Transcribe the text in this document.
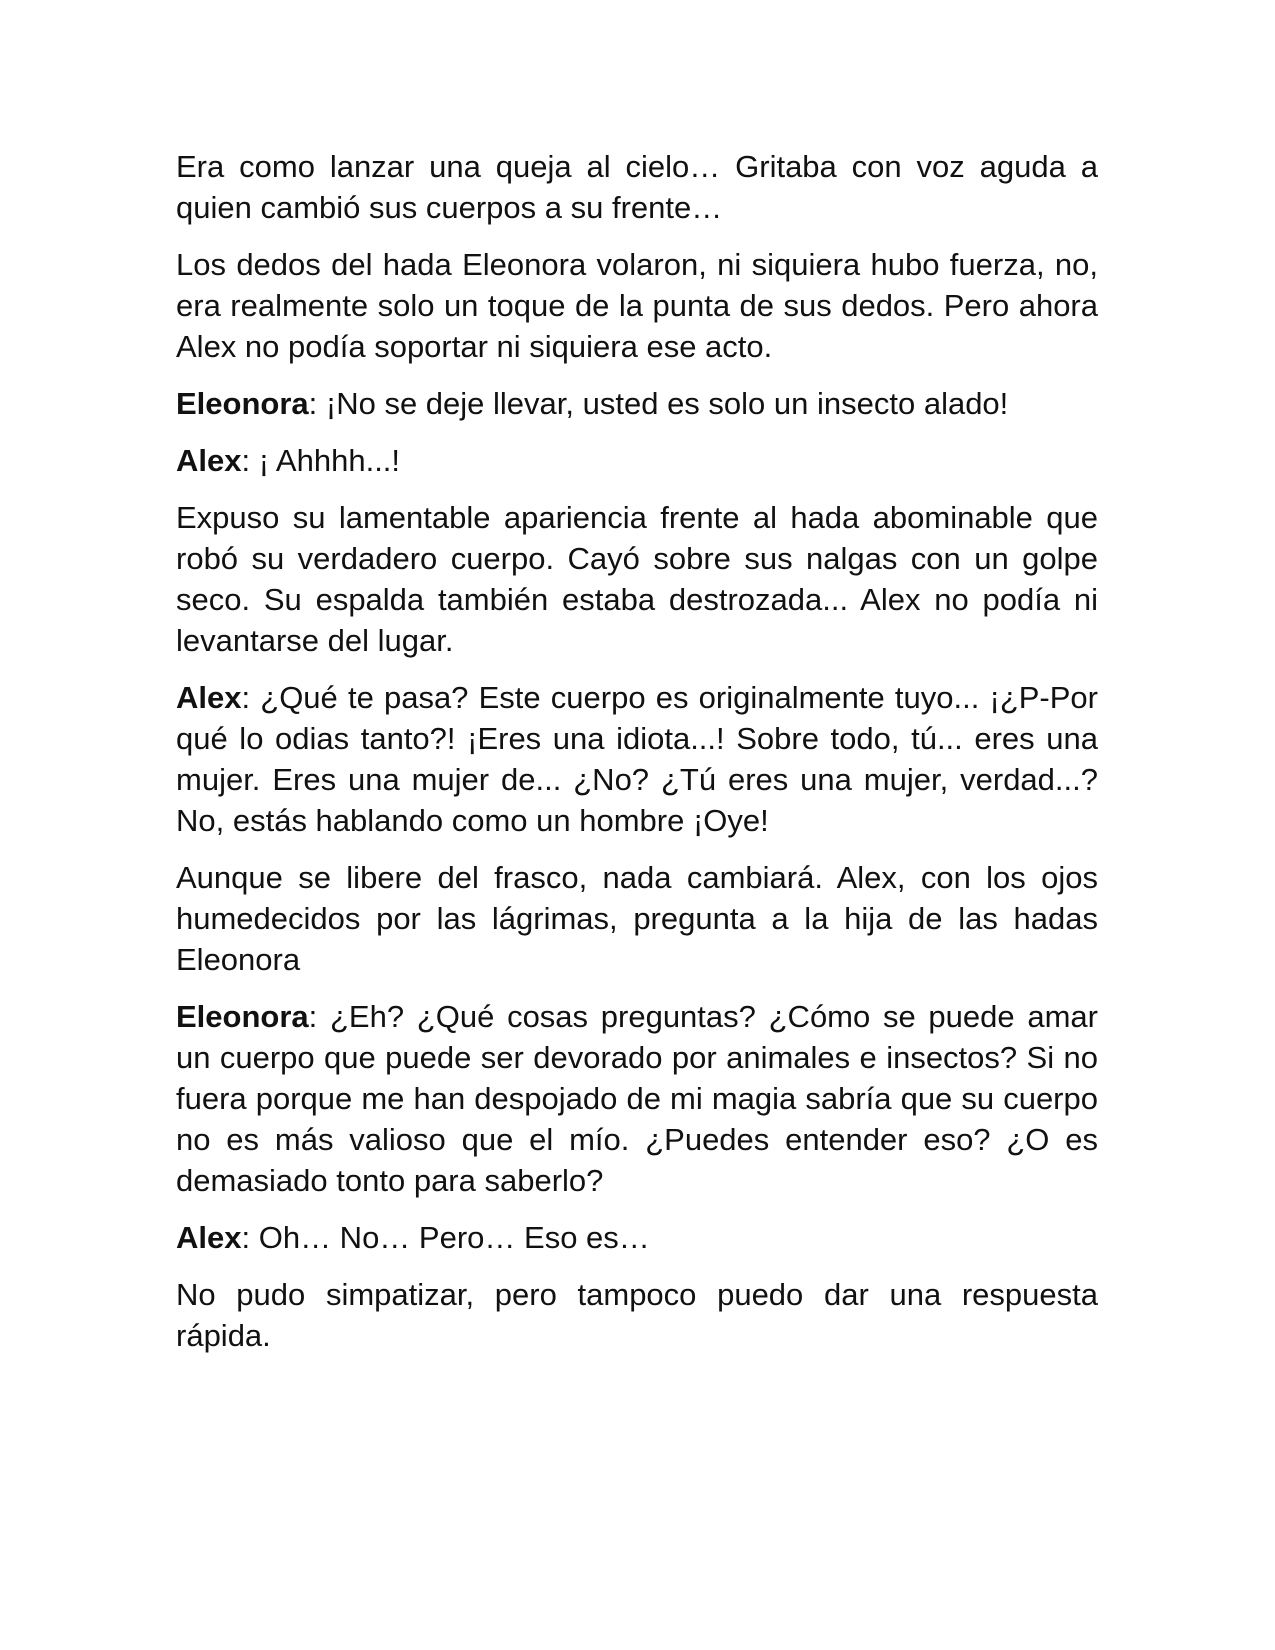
Era como lanzar una queja al cielo… Gritaba con voz aguda a quien cambió sus cuerpos a su frente…

Los dedos del hada Eleonora volaron, ni siquiera hubo fuerza, no, era realmente solo un toque de la punta de sus dedos. Pero ahora Alex no podía soportar ni siquiera ese acto.

Eleonora: ¡No se deje llevar, usted es solo un insecto alado!

Alex: ¡ Ahhhh...!

Expuso su lamentable apariencia frente al hada abominable que robó su verdadero cuerpo. Cayó sobre sus nalgas con un golpe seco. Su espalda también estaba destrozada... Alex no podía ni levantarse del lugar.

Alex: ¿Qué te pasa? Este cuerpo es originalmente tuyo... ¡¿P-Por qué lo odias tanto?! ¡Eres una idiota...! Sobre todo, tú... eres una mujer. Eres una mujer de... ¿No? ¿Tú eres una mujer, verdad...? No, estás hablando como un hombre ¡Oye!

Aunque se libere del frasco, nada cambiará. Alex, con los ojos humedecidos por las lágrimas, pregunta a la hija de las hadas Eleonora

Eleonora: ¿Eh? ¿Qué cosas preguntas? ¿Cómo se puede amar un cuerpo que puede ser devorado por animales e insectos? Si no fuera porque me han despojado de mi magia sabría que su cuerpo no es más valioso que el mío. ¿Puedes entender eso? ¿O es demasiado tonto para saberlo?

Alex: Oh… No… Pero… Eso es…

No pudo simpatizar, pero tampoco puedo dar una respuesta rápida.
